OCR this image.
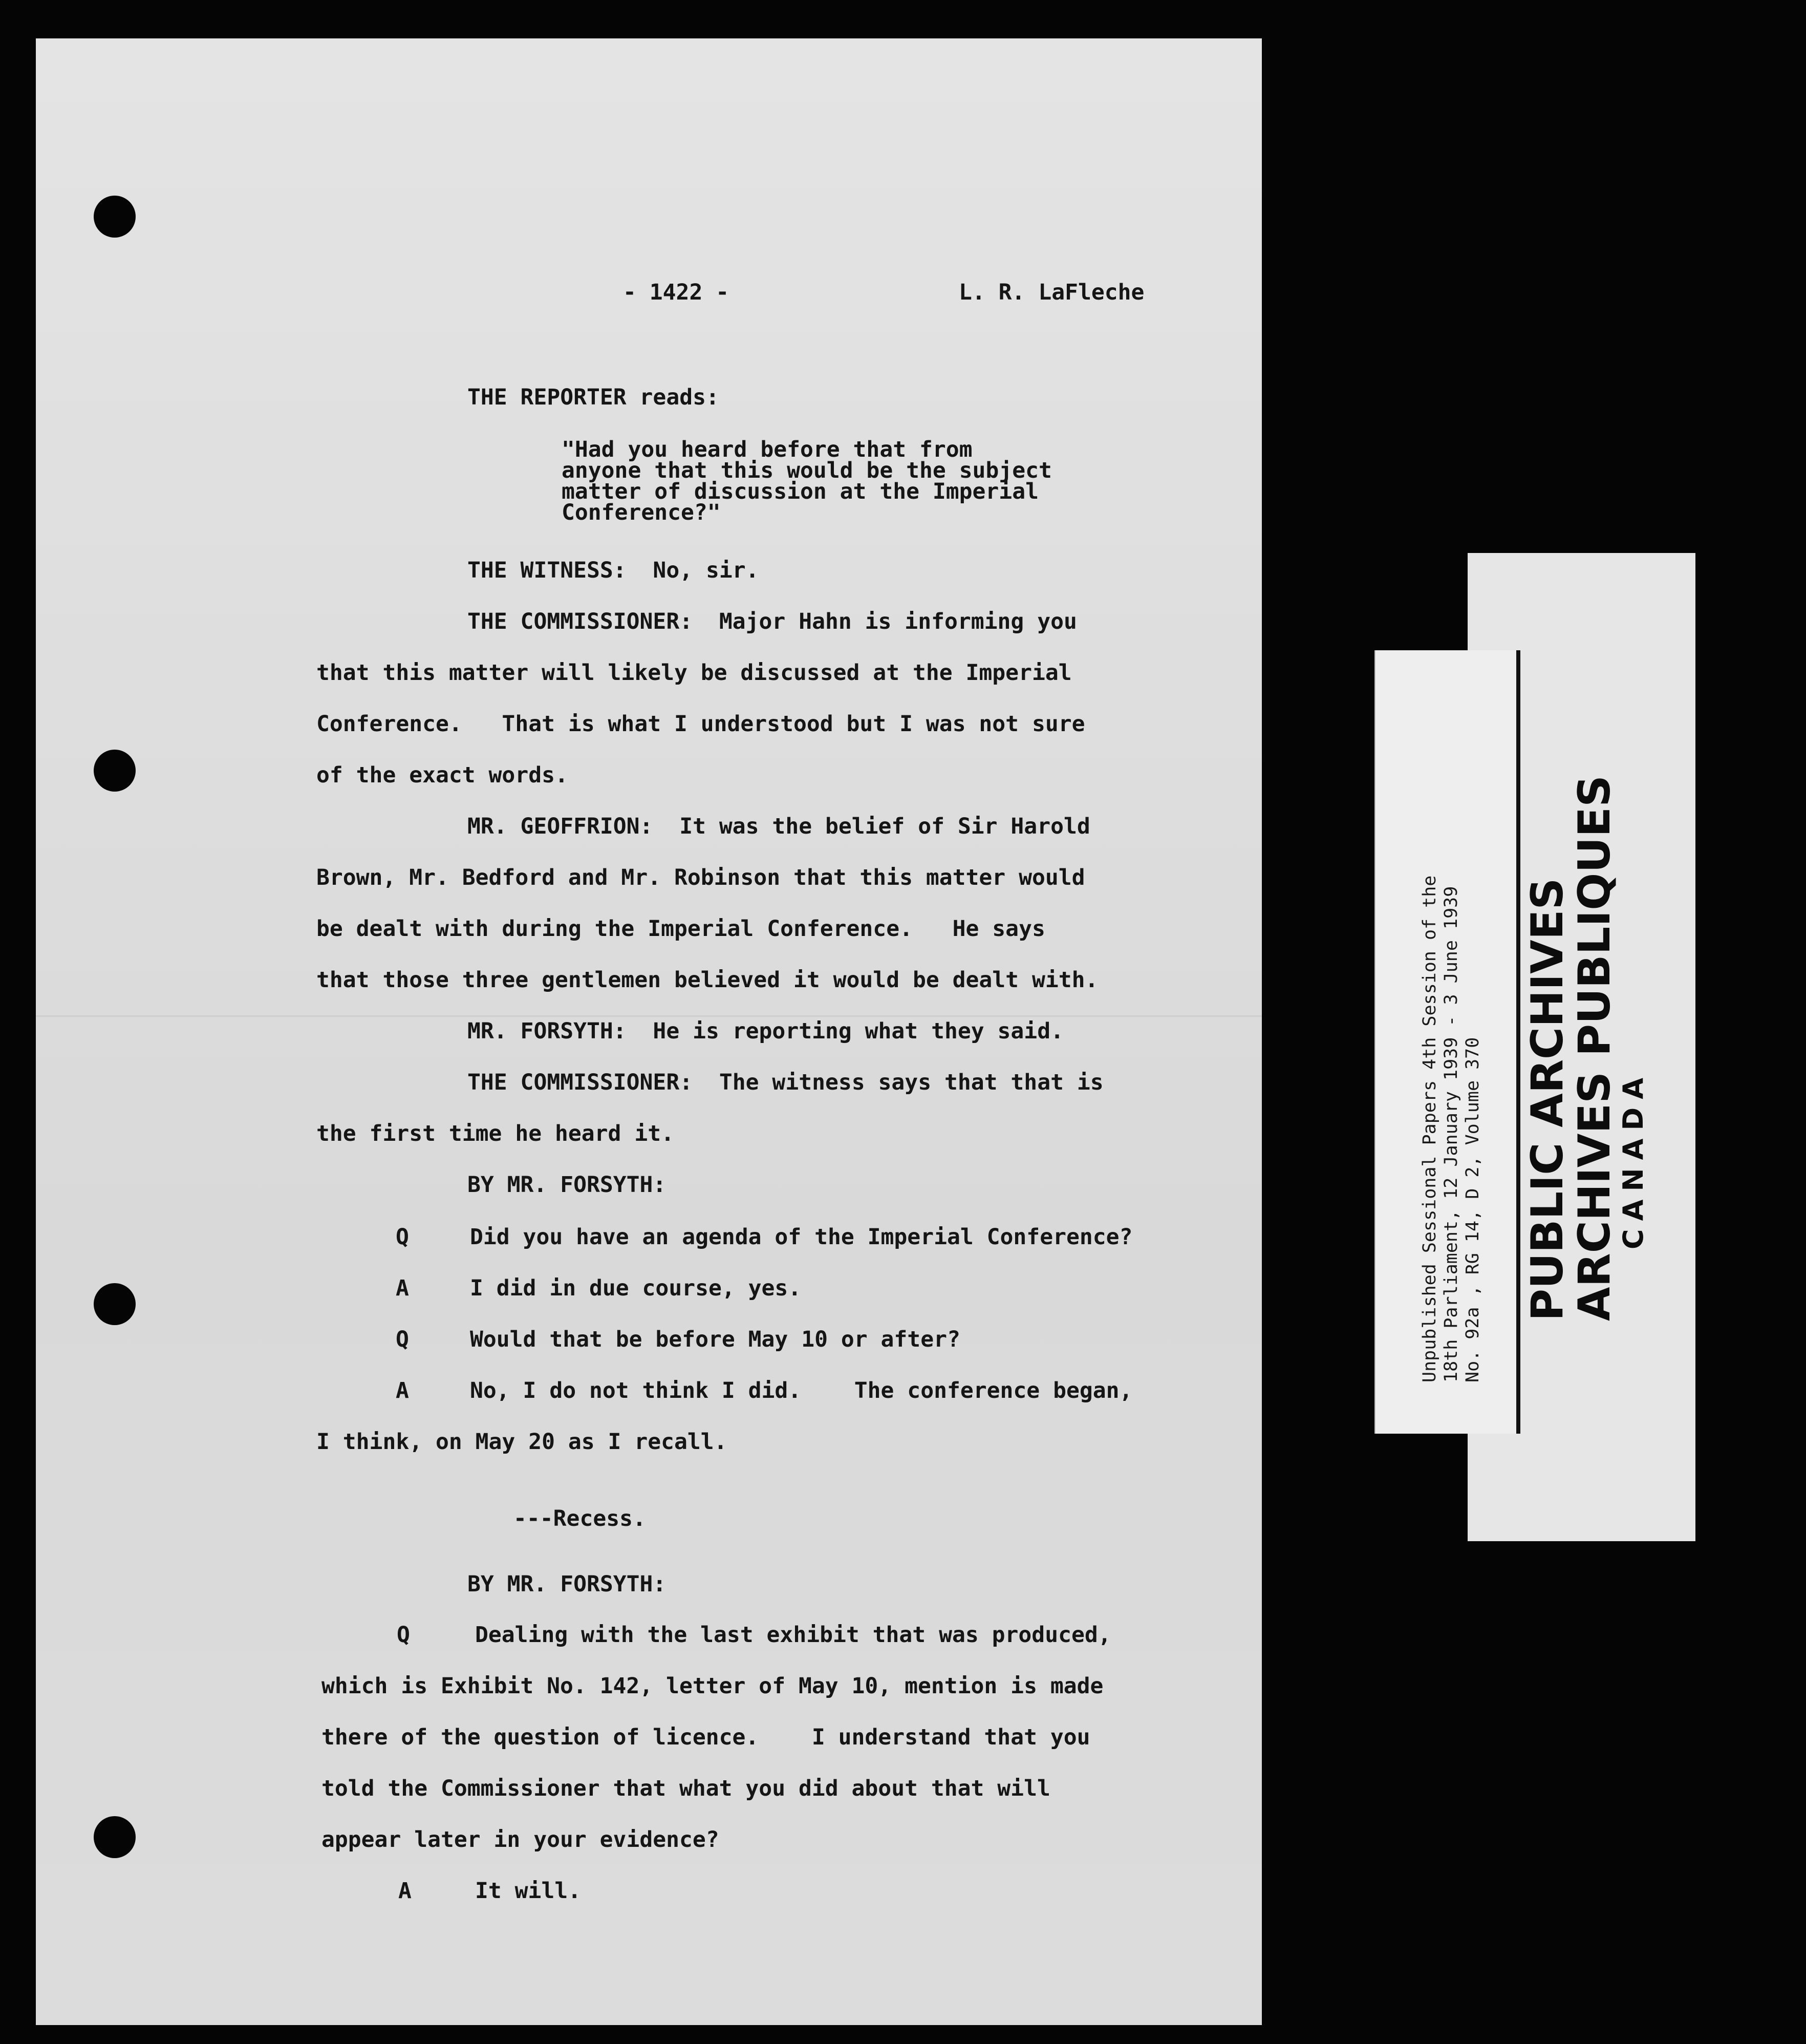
- 1422 -	L. R. LaFleche
THE REPORTER reads:
"Had you heard before that from
anyone that this would be the subject
matter of discussion at the Imperial
Conference?"
THE WITNESS:  No, sir.
THE COMMISSIONER:  Major Hahn is informing you
that this matter will likely be discussed at the Imperial
Conference.   That is what I understood but I was not sure
of the exact words.
MR. GEOFFRION:  It was the belief of Sir Harold
Brown, Mr. Bedford and Mr. Robinson that this matter would
be dealt with during the Imperial Conference.   He says
that those three gentlemen believed it would be dealt with.
MR. FORSYTH:  He is reporting what they said.
THE COMMISSIONER:  The witness says that that is
the first time he heard it.
BY MR. FORSYTH:
Q	Did you have an agenda of the Imperial Conference?
A	I did in due course, yes.
Q	Would that be before May 10 or after?
A	No, I do not think I did.    The conference began,
I think, on May 20 as I recall.
---Recess.
BY MR. FORSYTH:
Q	Dealing with the last exhibit that was produced,
which is Exhibit No. 142, letter of May 10, mention is made
there of the question of licence.    I understand that you
told the Commissioner that what you did about that will
appear later in your evidence?
A	It will.
PUBLIC ARCHIVES
ARCHIVES PUBLIQUES
CANADA
Unpublished Sessional Papers 4th Session of the 18th Parliament, 12 January 1939 - 3 June 1939 No. 92a , RG 14, D 2, Volume 370
